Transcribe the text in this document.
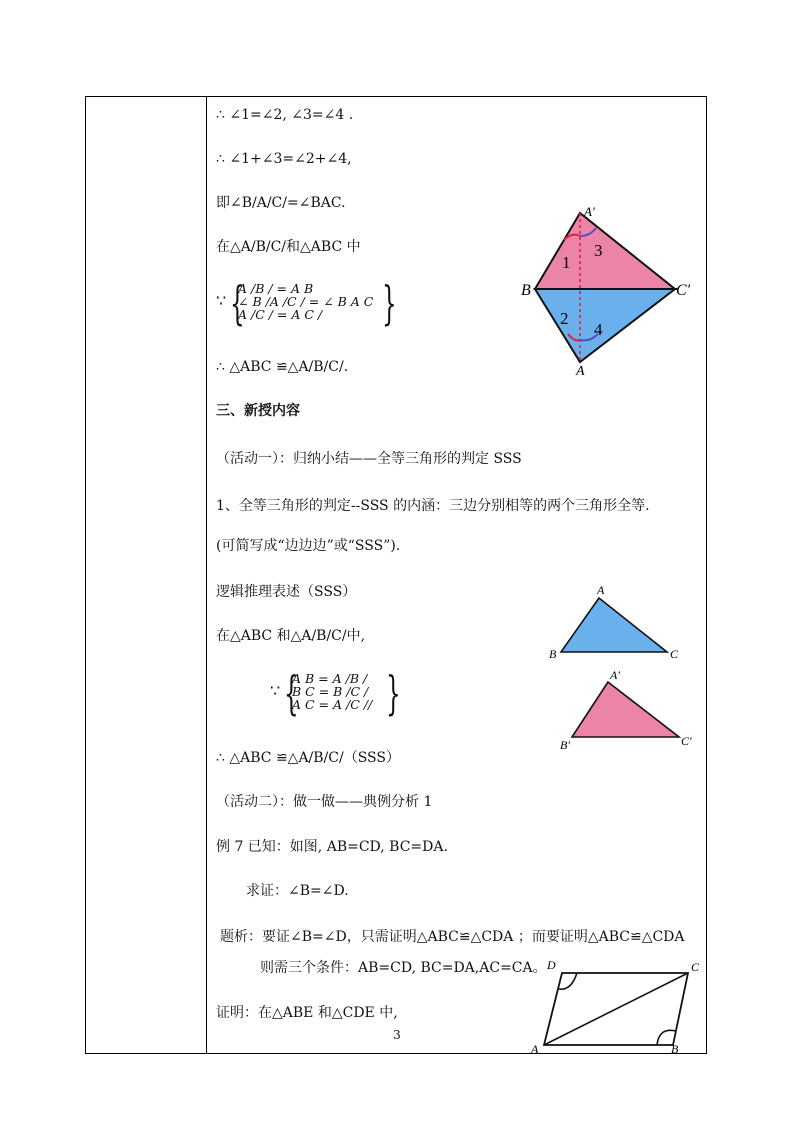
∴ ∠1=∠2, ∠3=∠4 .
∴ ∠1+∠3=∠2+∠4,
即∠B/A/C/=∠BAC.
在△A/B/C/和△ABC 中
∵ {
A /B / = A B
∠ B /A /C / = ∠ B A C
A /C / = A C /	}
∴ △ABC ≌△A/B/C/.
三、新授内容
（活动一）：归纳小结——全等三角形的判定 SSS
1、全等三角形的判定--SSS 的内涵：三边分别相等的两个三角形全等.
(可简写成“边边边”或“SSS”).
逻辑推理表述（SSS）
在△ABC 和△A/B/C/中,
∵ {
A B = A /B /
B C = B /C /
A C = A /C // }
∴ △ABC ≌△A/B/C/（SSS）
（活动二）：做一做——典例分析 1
例 7 已知：如图, AB=CD, BC=DA.
求证：∠B=∠D.
题析：要证∠B=∠D，只需证明△ABC≌△CDA ；而要证明△ABC≌△CDA
则需三个条件：AB=CD, BC=DA,AC=CA。
证明：在△ABE 和△CDE 中,
A′
B	C′
A
1
3
2
4
A
B	C
A′
B′	C′
D	C
A	B
3
